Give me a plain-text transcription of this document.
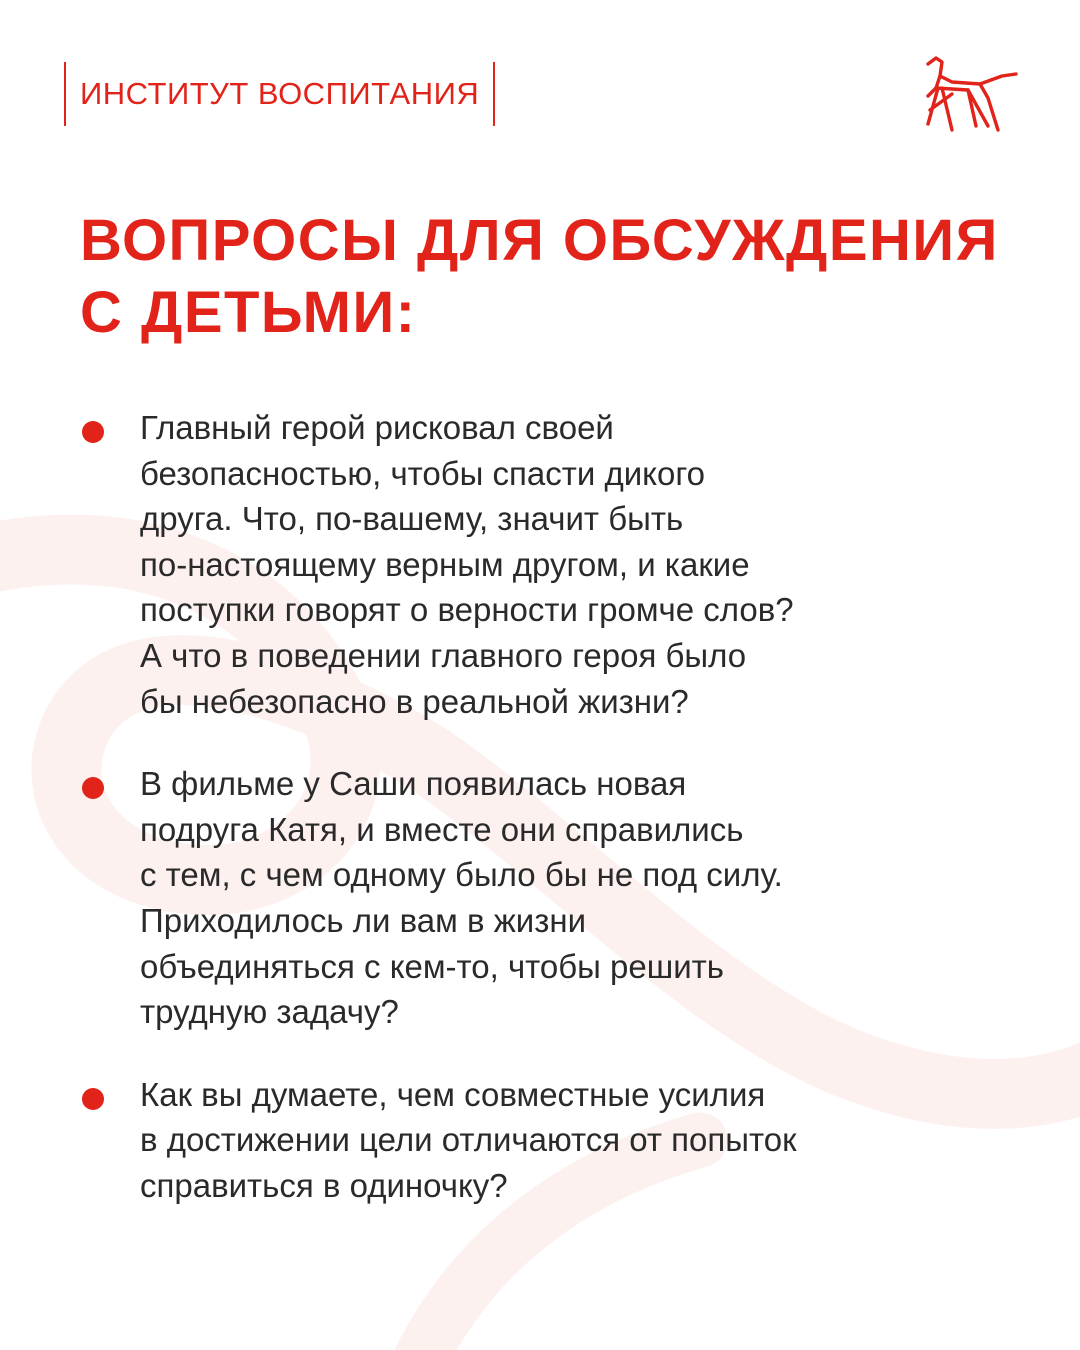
ИНСТИТУТ ВОСПИТАНИЯ
ВОПРОСЫ ДЛЯ ОБСУЖДЕНИЯ
С ДЕТЬМИ:
Главный герой рисковал своей
безопасностью, чтобы спасти дикого
друга. Что, по-вашему, значит быть
по-настоящему верным другом, и какие
поступки говорят о верности громче слов?
А что в поведении главного героя было
бы небезопасно в реальной жизни?
В фильме у Саши появилась новая
подруга Катя, и вместе они справились
с тем, с чем одному было бы не под силу.
Приходилось ли вам в жизни
объединяться с кем-то, чтобы решить
трудную задачу?
Как вы думаете, чем совместные усилия
в достижении цели отличаются от попыток
справиться в одиночку?
